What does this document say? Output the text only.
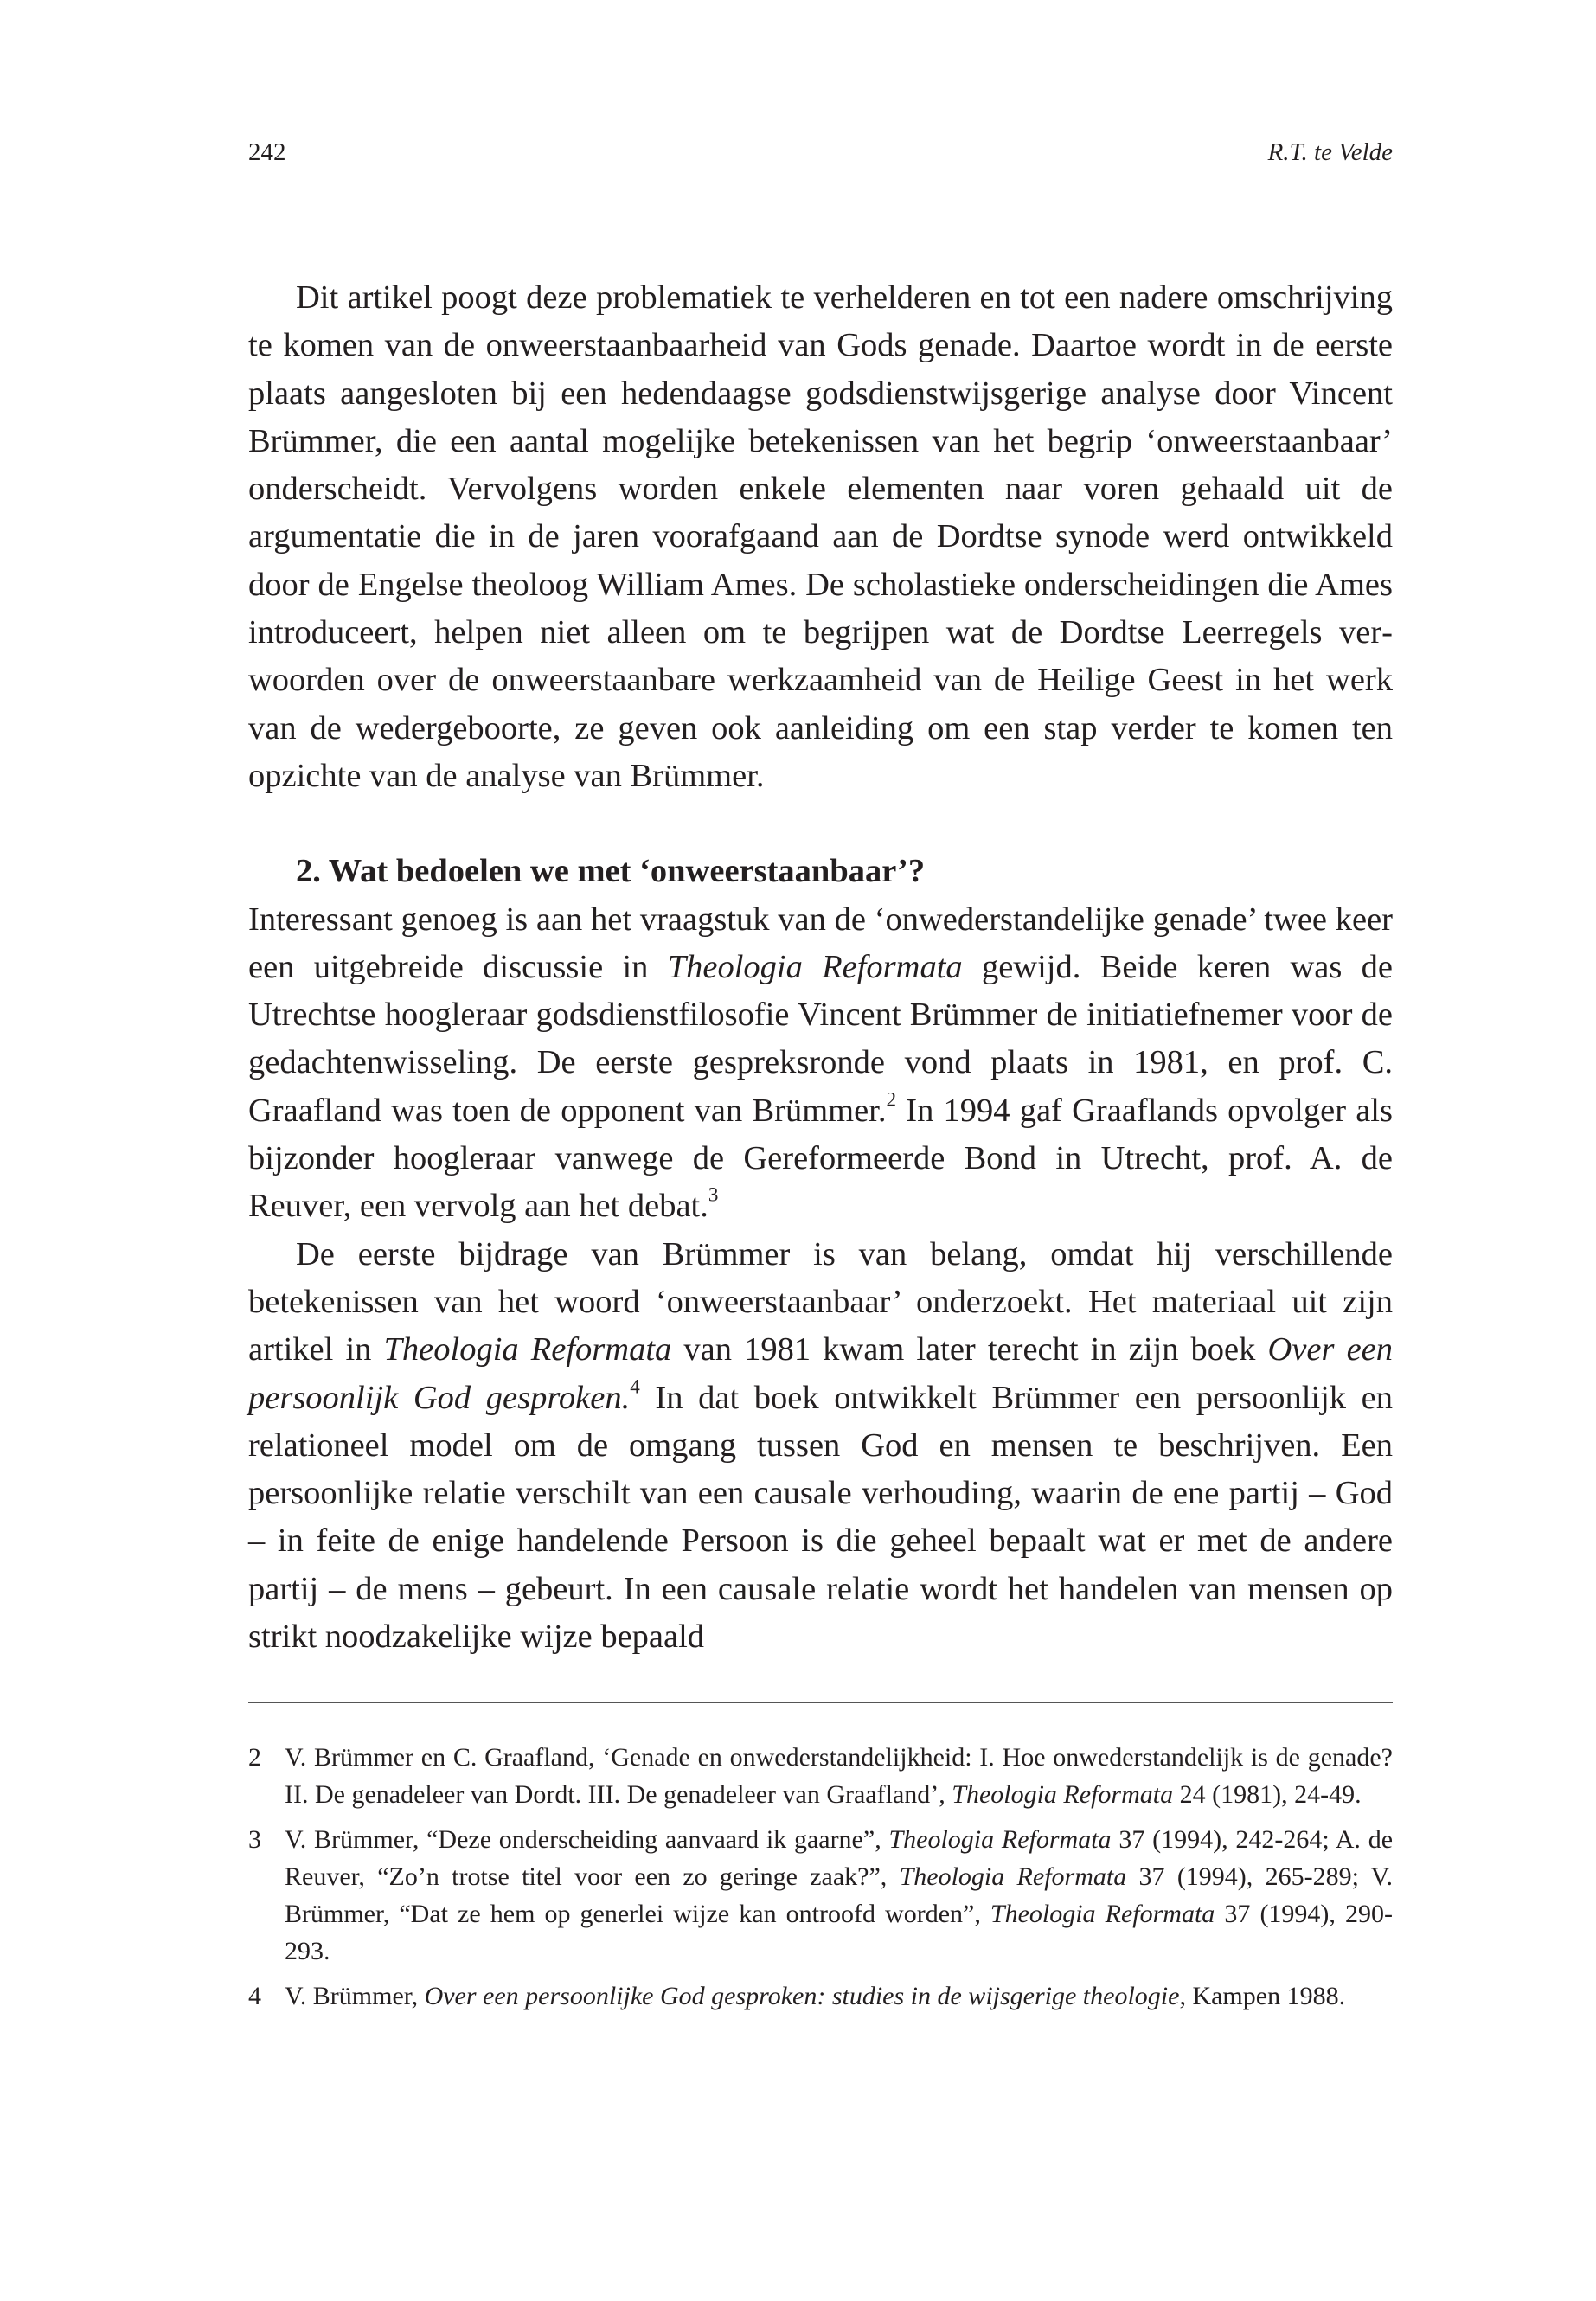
242	R.T. te Velde

Dit artikel poogt deze problematiek te verhelderen en tot een nadere omschrijving te komen van de onweerstaanbaarheid van Gods genade. Daartoe wordt in de eerste plaats aangesloten bij een hedendaagse godsdienstwijsgerige analyse door Vincent Brümmer, die een aantal mogelijke betekenissen van het begrip ‘onweerstaanbaar’ onderscheidt. Vervolgens worden enkele elementen naar voren gehaald uit de argumentatie die in de jaren voorafgaand aan de Dordtse synode werd ontwikkeld door de Engelse theoloog William Ames. De scholastieke onderscheidingen die Ames introduceert, helpen niet alleen om te begrijpen wat de Dordtse Leerregels verwoorden over de onweerstaanbare werkzaamheid van de Heilige Geest in het werk van de wedergeboorte, ze geven ook aanleiding om een stap verder te komen ten opzichte van de analyse van Brümmer.

2. Wat bedoelen we met ‘onweerstaanbaar’?

Interessant genoeg is aan het vraagstuk van de ‘onwederstandelijke genade’ twee keer een uitgebreide discussie in Theologia Reformata gewijd. Beide keren was de Utrechtse hoogleraar godsdienstfilosofie Vincent Brümmer de initiatiefnemer voor de gedachtenwisseling. De eerste gespreksronde vond plaats in 1981, en prof. C. Graafland was toen de opponent van Brümmer.$^2$ In 1994 gaf Graaflands opvolger als bijzonder hoogleraar vanwege de Gereformeerde Bond in Utrecht, prof. A. de Reuver, een vervolg aan het debat.$^3$

De eerste bijdrage van Brümmer is van belang, omdat hij verschillende betekenissen van het woord ‘onweerstaanbaar’ onderzoekt. Het materiaal uit zijn artikel in Theologia Reformata van 1981 kwam later terecht in zijn boek Over een persoonlijk God gesproken.$^4$ In dat boek ontwikkelt Brümmer een persoonlijk en relationeel model om de omgang tussen God en mensen te beschrijven. Een persoonlijke relatie verschilt van een causale verhouding, waarin de ene partij – God – in feite de enige handelende Persoon is die geheel bepaalt wat er met de andere partij – de mens – gebeurt. In een causale relatie wordt het handelen van mensen op strikt noodzakelijke wijze bepaald

2 V. Brümmer en C. Graafland, ‘Genade en onwederstandelijkheid: I. Hoe onwederstandelijk is de genade? II. De genadeleer van Dordt. III. De genadeleer van Graafland’, Theologia Reformata 24 (1981), 24-49.
3 V. Brümmer, “Deze onderscheiding aanvaard ik gaarne”, Theologia Reformata 37 (1994), 242-264; A. de Reuver, “Zo’n trotse titel voor een zo geringe zaak?”, Theologia Reformata 37 (1994), 265-289; V. Brümmer, “Dat ze hem op generlei wijze kan ontroofd worden”, Theologia Reformata 37 (1994), 290-293.
4 V. Brümmer, Over een persoonlijke God gesproken: studies in de wijsgerige theologie, Kampen 1988.
